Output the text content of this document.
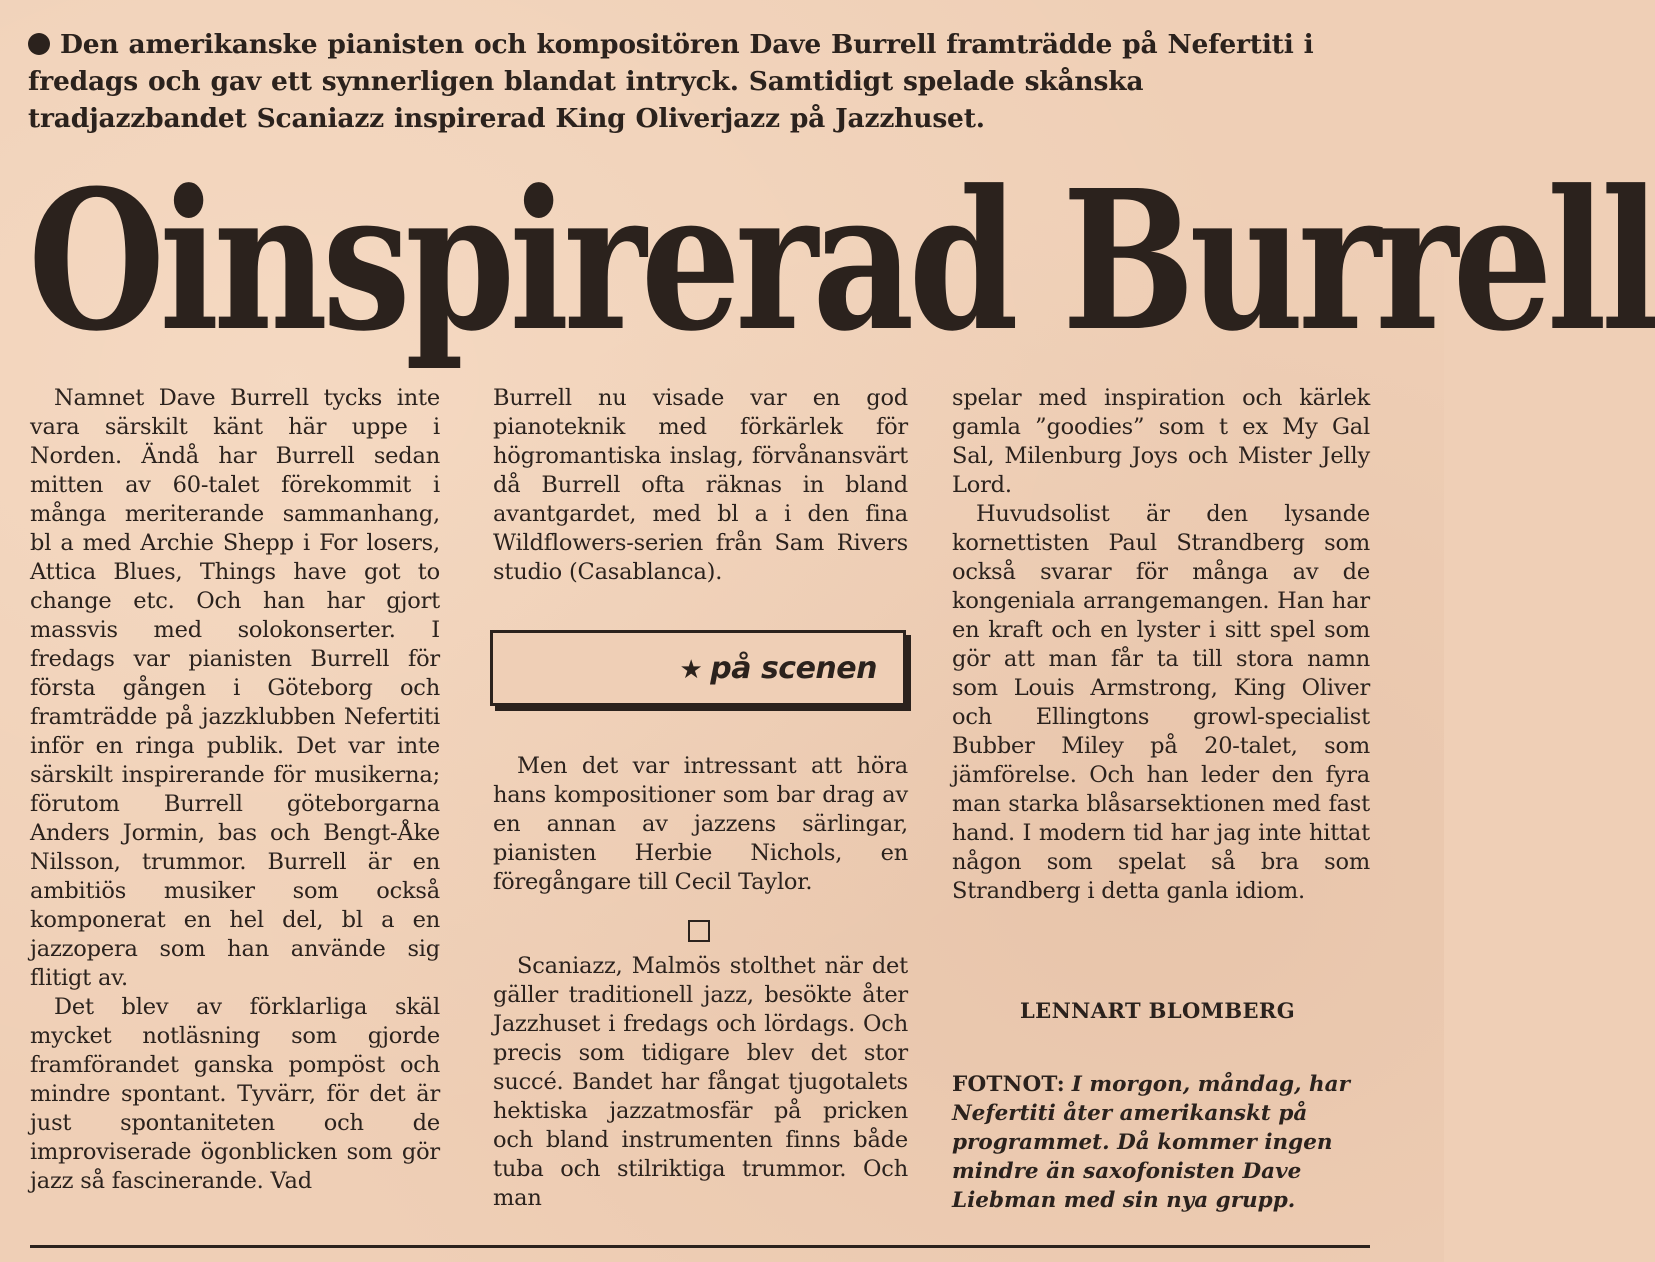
Den amerikanske pianisten och kompositören Dave Burrell framträdde på Nefertiti i fredags och gav ett synnerligen blandat intryck. Samtidigt spelade skånska tradjazzbandet Scaniazz inspirerad King Oliverjazz på Jazzhuset.
Oinspirerad Burrell

Namnet Dave Burrell tycks inte vara särskilt känt här uppe i Norden. Ändå har Burrell sedan mitten av 60-talet förekommit i många meriterande sammanhang, bl a med Archie Shepp i For losers, Attica Blues, Things have got to change etc. Och han har gjort massvis med solokonserter. I fredags var pianisten Burrell för första gången i Göteborg och framträdde på jazzklubben Nefertiti inför en ringa publik. Det var inte särskilt inspirerande för musikerna; förutom Burrell göteborgarna Anders Jormin, bas och Bengt-Åke Nilsson, trummor. Burrell är en ambitiös musiker som också komponerat en hel del, bl a en jazzopera som han använde sig flitigt av.

Det blev av förklarliga skäl mycket notläsning som gjorde framförandet ganska pompöst och mindre spontant. Tyvärr, för det är just spontaniteten och de improviserade ögonblicken som gör jazz så fascinerande. Vad

Burrell nu visade var en god pianoteknik med förkärlek för högromantiska inslag, förvånansvärt då Burrell ofta räknas in bland avantgardet, med bl a i den fina Wildflowers-serien från Sam Rivers studio (Casablanca).

★ på scenen

Men det var intressant att höra hans kompositioner som bar drag av en annan av jazzens särlingar, pianisten Herbie Nichols, en föregångare till Cecil Taylor.

Scaniazz, Malmös stolthet när det gäller traditionell jazz, besökte åter Jazzhuset i fredags och lördags. Och precis som tidigare blev det stor succé. Bandet har fångat tjugotalets hektiska jazzatmosfär på pricken och bland instrumenten finns både tuba och stilriktiga trummor. Och man

spelar med inspiration och kärlek gamla ”goodies” som t ex My Gal Sal, Milenburg Joys och Mister Jelly Lord.

Huvudsolist är den lysande kornettisten Paul Strandberg som också svarar för många av de kongeniala arrangemangen. Han har en kraft och en lyster i sitt spel som gör att man får ta till stora namn som Louis Armstrong, King Oliver och Ellingtons growl-specialist Bubber Miley på 20-talet, som jämförelse. Och han leder den fyra man starka blåsarsektionen med fast hand. I modern tid har jag inte hittat någon som spelat så bra som Strandberg i detta ganla idiom.

LENNART BLOMBERG
FOTNOT: I morgon, måndag, har Nefertiti åter amerikanskt på programmet. Då kommer ingen mindre än saxofonisten Dave Liebman med sin nya grupp.
